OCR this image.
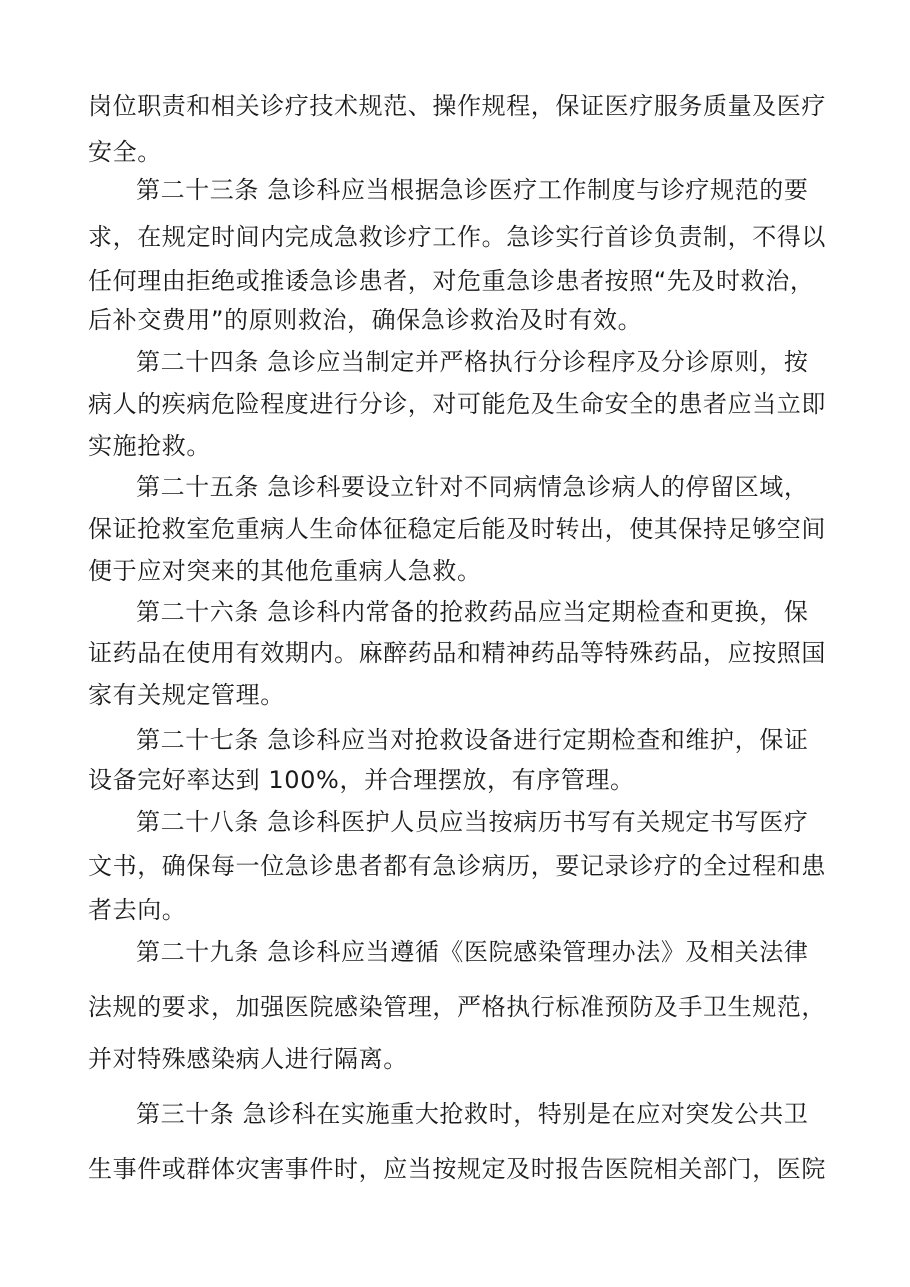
岗位职责和相关诊疗技术规范、操作规程，保证医疗服务质量及医疗
安全。
第二十三条 急诊科应当根据急诊医疗工作制度与诊疗规范的要
求，在规定时间内完成急救诊疗工作。急诊实行首诊负责制，不得以
任何理由拒绝或推诿急诊患者，对危重急诊患者按照“先及时救治，
后补交费用”的原则救治，确保急诊救治及时有效。
第二十四条 急诊应当制定并严格执行分诊程序及分诊原则，按
病人的疾病危险程度进行分诊，对可能危及生命安全的患者应当立即
实施抢救。
第二十五条 急诊科要设立针对不同病情急诊病人的停留区域，
保证抢救室危重病人生命体征稳定后能及时转出，使其保持足够空间
便于应对突来的其他危重病人急救。
第二十六条 急诊科内常备的抢救药品应当定期检查和更换，保
证药品在使用有效期内。麻醉药品和精神药品等特殊药品，应按照国
家有关规定管理。
第二十七条 急诊科应当对抢救设备进行定期检查和维护，保证
设备完好率达到 100%，并合理摆放，有序管理。
第二十八条 急诊科医护人员应当按病历书写有关规定书写医疗
文书，确保每一位急诊患者都有急诊病历，要记录诊疗的全过程和患
者去向。
第二十九条 急诊科应当遵循《医院感染管理办法》及相关法律
法规的要求，加强医院感染管理，严格执行标准预防及手卫生规范，
并对特殊感染病人进行隔离。
第三十条 急诊科在实施重大抢救时，特别是在应对突发公共卫
生事件或群体灾害事件时，应当按规定及时报告医院相关部门，医院
